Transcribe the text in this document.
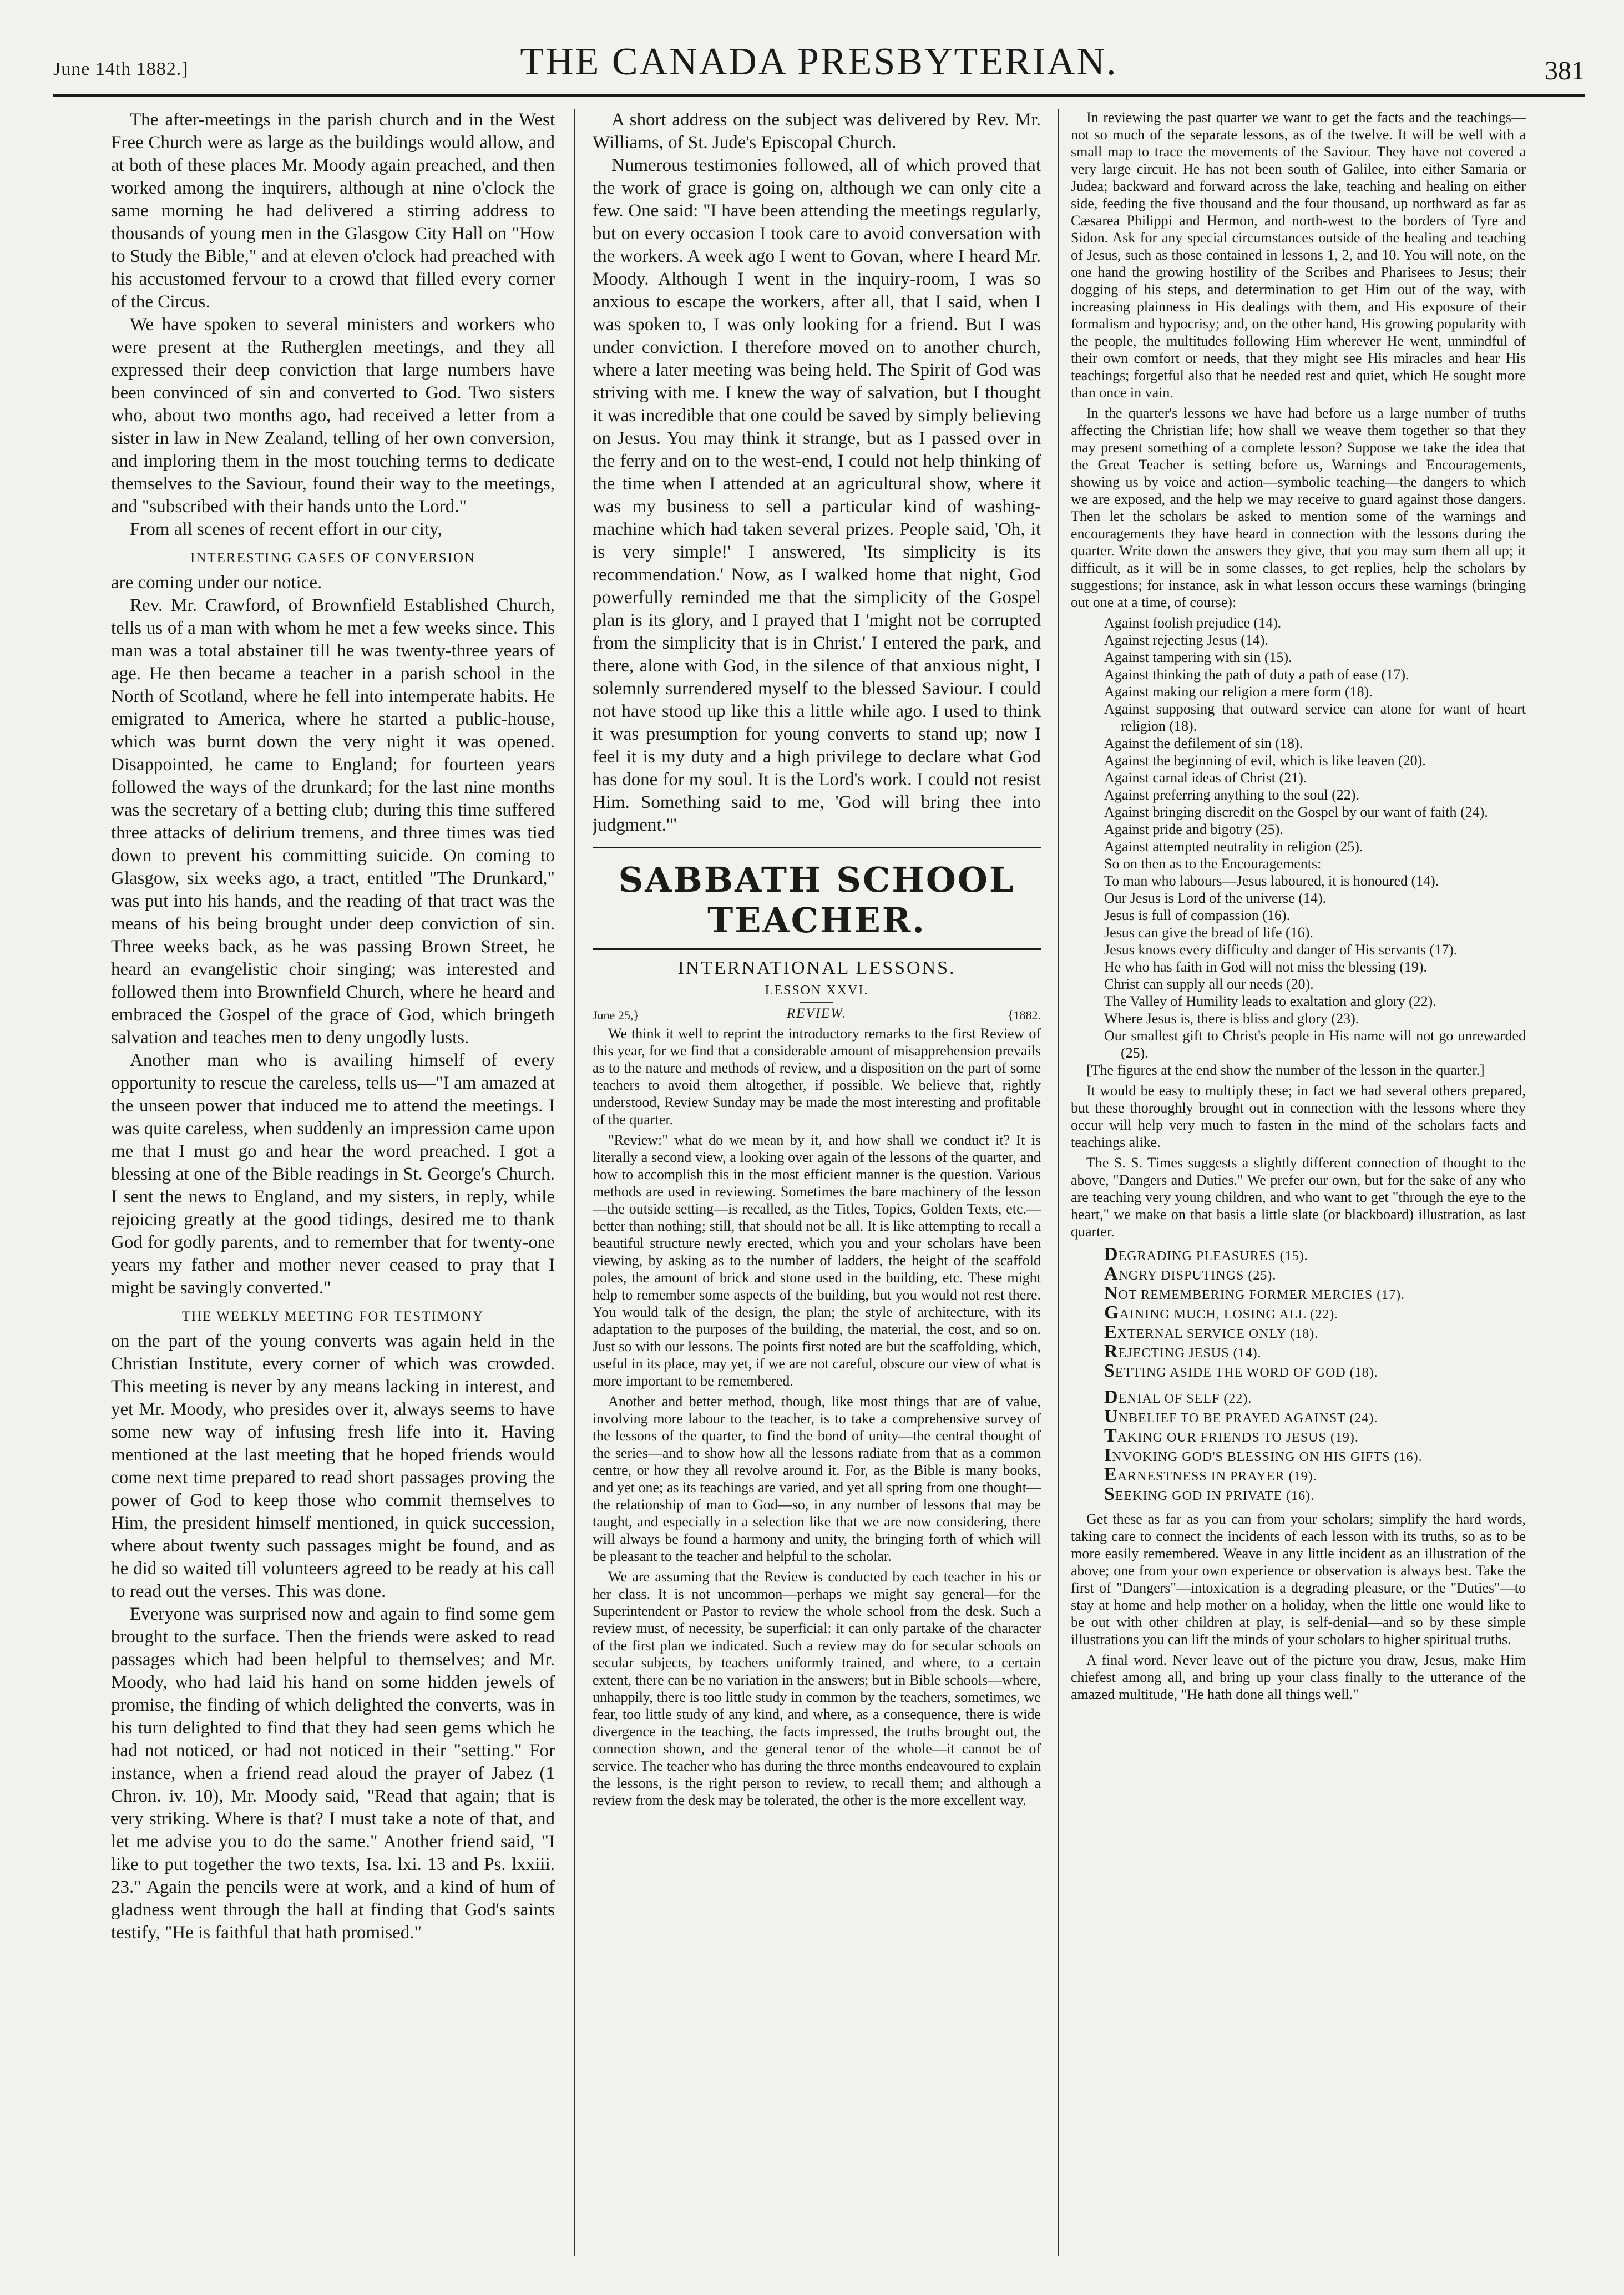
June 14th 1882.]	THE CANADA PRESBYTERIAN.	381

The after-meetings in the parish church and in the West Free Church were as large as the buildings would allow, and at both of these places Mr. Moody again preached, and then worked among the inquirers, although at nine o'clock the same morning he had delivered a stirring address to thousands of young men in the Glasgow City Hall on "How to Study the Bible," and at eleven o'clock had preached with his accustomed fervour to a crowd that filled every corner of the Circus.

We have spoken to several ministers and workers who were present at the Rutherglen meetings, and they all expressed their deep conviction that large numbers have been convinced of sin and converted to God. Two sisters who, about two months ago, had received a letter from a sister in law in New Zealand, telling of her own conversion, and imploring them in the most touching terms to dedicate themselves to the Saviour, found their way to the meetings, and "subscribed with their hands unto the Lord."

From all scenes of recent effort in our city,

INTERESTING CASES OF CONVERSION

are coming under our notice.

Rev. Mr. Crawford, of Brownfield Established Church, tells us of a man with whom he met a few weeks since. This man was a total abstainer till he was twenty-three years of age. He then became a teacher in a parish school in the North of Scotland, where he fell into intemperate habits. He emigrated to America, where he started a public-house, which was burnt down the very night it was opened. Disappointed, he came to England; for fourteen years followed the ways of the drunkard; for the last nine months was the secretary of a betting club; during this time suffered three attacks of delirium tremens, and three times was tied down to prevent his committing suicide. On coming to Glasgow, six weeks ago, a tract, entitled "The Drunkard," was put into his hands, and the reading of that tract was the means of his being brought under deep conviction of sin. Three weeks back, as he was passing Brown Street, he heard an evangelistic choir singing; was interested and followed them into Brownfield Church, where he heard and embraced the Gospel of the grace of God, which bringeth salvation and teaches men to deny ungodly lusts.

Another man who is availing himself of every opportunity to rescue the careless, tells us—"I am amazed at the unseen power that induced me to attend the meetings. I was quite careless, when suddenly an impression came upon me that I must go and hear the word preached. I got a blessing at one of the Bible readings in St. George's Church. I sent the news to England, and my sisters, in reply, while rejoicing greatly at the good tidings, desired me to thank God for godly parents, and to remember that for twenty-one years my father and mother never ceased to pray that I might be savingly converted."

THE WEEKLY MEETING FOR TESTIMONY

on the part of the young converts was again held in the Christian Institute, every corner of which was crowded. This meeting is never by any means lacking in interest, and yet Mr. Moody, who presides over it, always seems to have some new way of infusing fresh life into it. Having mentioned at the last meeting that he hoped friends would come next time prepared to read short passages proving the power of God to keep those who commit themselves to Him, the president himself mentioned, in quick succession, where about twenty such passages might be found, and as he did so waited till volunteers agreed to be ready at his call to read out the verses. This was done.

Everyone was surprised now and again to find some gem brought to the surface. Then the friends were asked to read passages which had been helpful to themselves; and Mr. Moody, who had laid his hand on some hidden jewels of promise, the finding of which delighted the converts, was in his turn delighted to find that they had seen gems which he had not noticed, or had not noticed in their "setting." For instance, when a friend read aloud the prayer of Jabez (1 Chron. iv. 10), Mr. Moody said, "Read that again; that is very striking. Where is that? I must take a note of that, and let me advise you to do the same." Another friend said, "I like to put together the two texts, Isa. lxi. 13 and Ps. lxxiii. 23." Again the pencils were at work, and a kind of hum of gladness went through the hall at finding that God's saints testify, "He is faithful that hath promised."

A short address on the subject was delivered by Rev. Mr. Williams, of St. Jude's Episcopal Church.

Numerous testimonies followed, all of which proved that the work of grace is going on, although we can only cite a few. One said: "I have been attending the meetings regularly, but on every occasion I took care to avoid conversation with the workers. A week ago I went to Govan, where I heard Mr. Moody. Although I went in the inquiry-room, I was so anxious to escape the workers, after all, that I said, when I was spoken to, I was only looking for a friend. But I was under conviction. I therefore moved on to another church, where a later meeting was being held. The Spirit of God was striving with me. I knew the way of salvation, but I thought it was incredible that one could be saved by simply believing on Jesus. You may think it strange, but as I passed over in the ferry and on to the west-end, I could not help thinking of the time when I attended at an agricultural show, where it was my business to sell a particular kind of washing-machine which had taken several prizes. People said, 'Oh, it is very simple!' I answered, 'Its simplicity is its recommendation.' Now, as I walked home that night, God powerfully reminded me that the simplicity of the Gospel plan is its glory, and I prayed that I 'might not be corrupted from the simplicity that is in Christ.' I entered the park, and there, alone with God, in the silence of that anxious night, I solemnly surrendered myself to the blessed Saviour. I could not have stood up like this a little while ago. I used to think it was presumption for young converts to stand up; now I feel it is my duty and a high privilege to declare what God has done for my soul. It is the Lord's work. I could not resist Him. Something said to me, 'God will bring thee into judgment.'"

SABBATH SCHOOL TEACHER.
INTERNATIONAL LESSONS.
LESSON XXVI.
June 25,}	REVIEW.	{1882.

We think it well to reprint the introductory remarks to the first Review of this year, for we find that a considerable amount of misapprehension prevails as to the nature and methods of review, and a disposition on the part of some teachers to avoid them altogether, if possible. We believe that, rightly understood, Review Sunday may be made the most interesting and profitable of the quarter.

"Review:" what do we mean by it, and how shall we conduct it? It is literally a second view, a looking over again of the lessons of the quarter, and how to accomplish this in the most efficient manner is the question. Various methods are used in reviewing. Sometimes the bare machinery of the lesson—the outside setting—is recalled, as the Titles, Topics, Golden Texts, etc.—better than nothing; still, that should not be all. It is like attempting to recall a beautiful structure newly erected, which you and your scholars have been viewing, by asking as to the number of ladders, the height of the scaffold poles, the amount of brick and stone used in the building, etc. These might help to remember some aspects of the building, but you would not rest there. You would talk of the design, the plan; the style of architecture, with its adaptation to the purposes of the building, the material, the cost, and so on. Just so with our lessons. The points first noted are but the scaffolding, which, useful in its place, may yet, if we are not careful, obscure our view of what is more important to be remembered.

Another and better method, though, like most things that are of value, involving more labour to the teacher, is to take a comprehensive survey of the lessons of the quarter, to find the bond of unity—the central thought of the series—and to show how all the lessons radiate from that as a common centre, or how they all revolve around it. For, as the Bible is many books, and yet one; as its teachings are varied, and yet all spring from one thought—the relationship of man to God—so, in any number of lessons that may be taught, and especially in a selection like that we are now considering, there will always be found a harmony and unity, the bringing forth of which will be pleasant to the teacher and helpful to the scholar.

We are assuming that the Review is conducted by each teacher in his or her class. It is not uncommon—perhaps we might say general—for the Superintendent or Pastor to review the whole school from the desk. Such a review must, of necessity, be superficial: it can only partake of the character of the first plan we indicated. Such a review may do for secular schools on secular subjects, by teachers uniformly trained, and where, to a certain extent, there can be no variation in the answers; but in Bible schools—where, unhappily, there is too little study in common by the teachers, sometimes, we fear, too little study of any kind, and where, as a consequence, there is wide divergence in the teaching, the facts impressed, the truths brought out, the connection shown, and the general tenor of the whole—it cannot be of service. The teacher who has during the three months endeavoured to explain the lessons, is the right person to review, to recall them; and although a review from the desk may be tolerated, the other is the more excellent way.

In reviewing the past quarter we want to get the facts and the teachings—not so much of the separate lessons, as of the twelve. It will be well with a small map to trace the movements of the Saviour. They have not covered a very large circuit. He has not been south of Galilee, into either Samaria or Judea; backward and forward across the lake, teaching and healing on either side, feeding the five thousand and the four thousand, up northward as far as Cæsarea Philippi and Hermon, and north-west to the borders of Tyre and Sidon. Ask for any special circumstances outside of the healing and teaching of Jesus, such as those contained in lessons 1, 2, and 10. You will note, on the one hand the growing hostility of the Scribes and Pharisees to Jesus; their dogging of his steps, and determination to get Him out of the way, with increasing plainness in His dealings with them, and His exposure of their formalism and hypocrisy; and, on the other hand, His growing popularity with the people, the multitudes following Him wherever He went, unmindful of their own comfort or needs, that they might see His miracles and hear His teachings; forgetful also that he needed rest and quiet, which He sought more than once in vain.

In the quarter's lessons we have had before us a large number of truths affecting the Christian life; how shall we weave them together so that they may present something of a complete lesson? Suppose we take the idea that the Great Teacher is setting before us, Warnings and Encouragements, showing us by voice and action—symbolic teaching—the dangers to which we are exposed, and the help we may receive to guard against those dangers. Then let the scholars be asked to mention some of the warnings and encouragements they have heard in connection with the lessons during the quarter. Write down the answers they give, that you may sum them all up; it difficult, as it will be in some classes, to get replies, help the scholars by suggestions; for instance, ask in what lesson occurs these warnings (bringing out one at a time, of course):

Against foolish prejudice (14).
Against rejecting Jesus (14).
Against tampering with sin (15).
Against thinking the path of duty a path of ease (17).
Against making our religion a mere form (18).
Against supposing that outward service can atone for want of heart religion (18).
Against the defilement of sin (18).
Against the beginning of evil, which is like leaven (20).
Against carnal ideas of Christ (21).
Against preferring anything to the soul (22).
Against bringing discredit on the Gospel by our want of faith (24).
Against pride and bigotry (25).
Against attempted neutrality in religion (25).
So on then as to the Encouragements:
To man who labours—Jesus laboured, it is honoured (14).
Our Jesus is Lord of the universe (14).
Jesus is full of compassion (16).
Jesus can give the bread of life (16).
Jesus knows every difficulty and danger of His servants (17).
He who has faith in God will not miss the blessing (19).
Christ can supply all our needs (20).
The Valley of Humility leads to exaltation and glory (22).
Where Jesus is, there is bliss and glory (23).
Our smallest gift to Christ's people in His name will not go unrewarded (25).

[The figures at the end show the number of the lesson in the quarter.]

It would be easy to multiply these; in fact we had several others prepared, but these thoroughly brought out in connection with the lessons where they occur will help very much to fasten in the mind of the scholars facts and teachings alike.

The S. S. Times suggests a slightly different connection of thought to the above, "Dangers and Duties." We prefer our own, but for the sake of any who are teaching very young children, and who want to get "through the eye to the heart," we make on that basis a little slate (or blackboard) illustration, as last quarter.

DEGRADING PLEASURES (15).
ANGRY DISPUTINGS (25).
NOT REMEMBERING FORMER MERCIES (17).
GAINING MUCH, LOSING ALL (22).
EXTERNAL SERVICE ONLY (18).
REJECTING JESUS (14).
SETTING ASIDE THE WORD OF GOD (18).
DENIAL OF SELF (22).
UNBELIEF TO BE PRAYED AGAINST (24).
TAKING OUR FRIENDS TO JESUS (19).
INVOKING GOD'S BLESSING ON HIS GIFTS (16).
EARNESTNESS IN PRAYER (19).
SEEKING GOD IN PRIVATE (16).

Get these as far as you can from your scholars; simplify the hard words, taking care to connect the incidents of each lesson with its truths, so as to be more easily remembered. Weave in any little incident as an illustration of the above; one from your own experience or observation is always best. Take the first of "Dangers"—intoxication is a degrading pleasure, or the "Duties"—to stay at home and help mother on a holiday, when the little one would like to be out with other children at play, is self-denial—and so by these simple illustrations you can lift the minds of your scholars to higher spiritual truths.

A final word. Never leave out of the picture you draw, Jesus, make Him chiefest among all, and bring up your class finally to the utterance of the amazed multitude, "He hath done all things well."
